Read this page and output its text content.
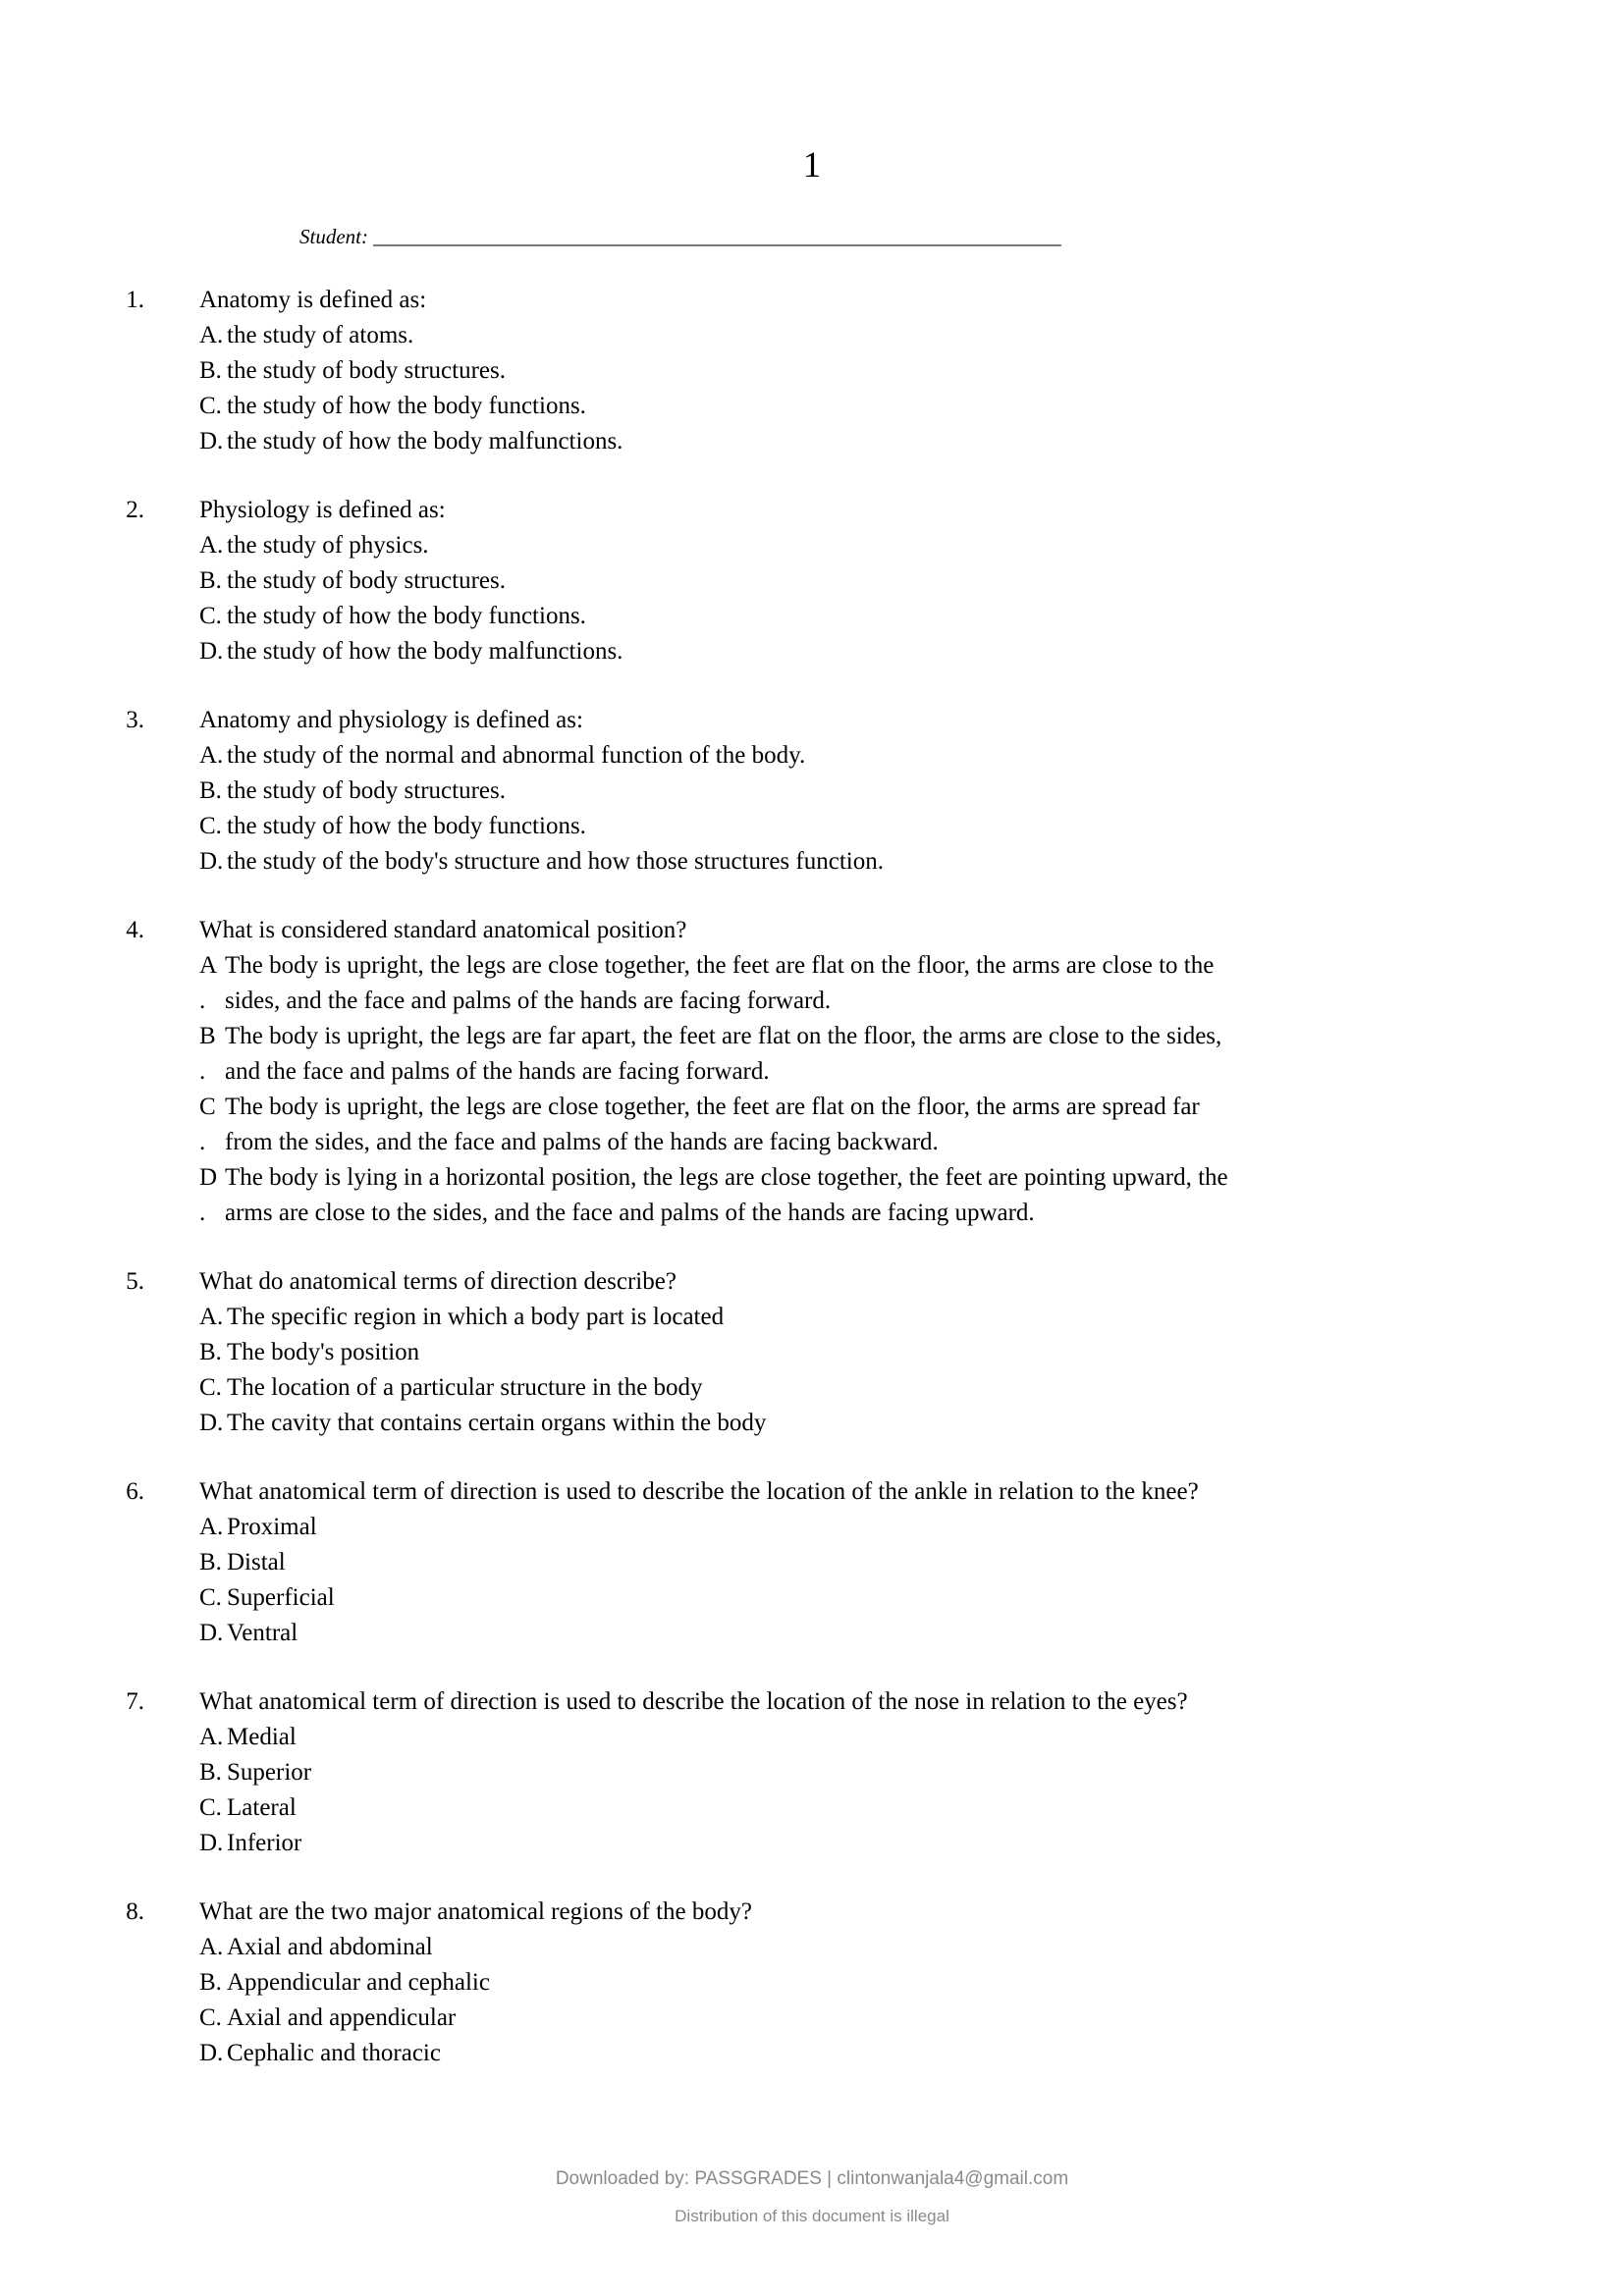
1
Student: ______________________________________________________________________
1. Anatomy is defined as:
A. the study of atoms.
B. the study of body structures.
C. the study of how the body functions.
D. the study of how the body malfunctions.
2. Physiology is defined as:
A. the study of physics.
B. the study of body structures.
C. the study of how the body functions.
D. the study of how the body malfunctions.
3. Anatomy and physiology is defined as:
A. the study of the normal and abnormal function of the body.
B. the study of body structures.
C. the study of how the body functions.
D. the study of the body's structure and how those structures function.
4. What is considered standard anatomical position?
A
.
The body is upright, the legs are close together, the feet are flat on the floor, the arms are close to the
sides, and the face and palms of the hands are facing forward.
B
.
The body is upright, the legs are far apart, the feet are flat on the floor, the arms are close to the sides,
and the face and palms of the hands are facing forward.
C
.
The body is upright, the legs are close together, the feet are flat on the floor, the arms are spread far
from the sides, and the face and palms of the hands are facing backward.
D
.
The body is lying in a horizontal position, the legs are close together, the feet are pointing upward, the
arms are close to the sides, and the face and palms of the hands are facing upward.
5. What do anatomical terms of direction describe?
A. The specific region in which a body part is located
B. The body's position
C. The location of a particular structure in the body
D. The cavity that contains certain organs within the body
6. What anatomical term of direction is used to describe the location of the ankle in relation to the knee?
A. Proximal
B. Distal
C. Superficial
D. Ventral
7. What anatomical term of direction is used to describe the location of the nose in relation to the eyes?
A. Medial
B. Superior
C. Lateral
D. Inferior
8. What are the two major anatomical regions of the body?
A. Axial and abdominal
B. Appendicular and cephalic
C. Axial and appendicular
D. Cephalic and thoracic
Downloaded by: PASSGRADES | clintonwanjala4@gmail.com
Distribution of this document is illegal
